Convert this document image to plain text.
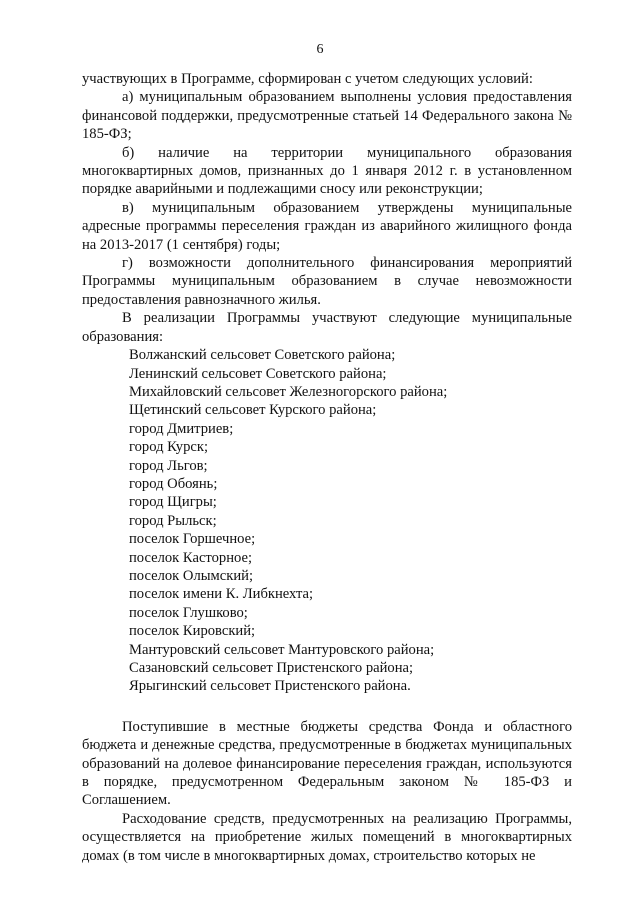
6

участвующих в Программе, сформирован с учетом следующих условий:

а) муниципальным образованием выполнены условия предоставления финансовой поддержки, предусмотренные статьей 14 Федерального закона № 185-ФЗ;

б) наличие на территории муниципального образования многоквартирных домов, признанных до 1 января 2012 г. в установленном порядке аварийными и подлежащими сносу или реконструкции;

в) муниципальным образованием утверждены муниципальные адресные программы переселения граждан из аварийного жилищного фонда на 2013-2017 (1 сентября) годы;

г) возможности дополнительного финансирования мероприятий Программы муниципальным образованием в случае невозможности предоставления равнозначного жилья.

В реализации Программы участвуют следующие муниципальные образования:

Волжанский сельсовет Советского района;
Ленинский сельсовет Советского района;
Михайловский сельсовет Железногорского района;
Щетинский сельсовет Курского района;
город Дмитриев;
город Курск;
город Льгов;
город Обоянь;
город Щигры;
город Рыльск;
поселок Горшечное;
поселок Касторное;
поселок Олымский;
поселок имени К. Либкнехта;
поселок Глушково;
поселок Кировский;
Мантуровский сельсовет Мантуровского района;
Сазановский сельсовет Пристенского района;
Ярыгинский сельсовет Пристенского района.

Поступившие в местные бюджеты средства Фонда и областного бюджета и денежные средства, предусмотренные в бюджетах муниципальных образований на долевое финансирование переселения граждан, используются в порядке, предусмотренном Федеральным законом № 185-ФЗ и Соглашением.

Расходование средств, предусмотренных на реализацию Программы, осуществляется на приобретение жилых помещений в многоквартирных домах (в том числе в многоквартирных домах, строительство которых не
